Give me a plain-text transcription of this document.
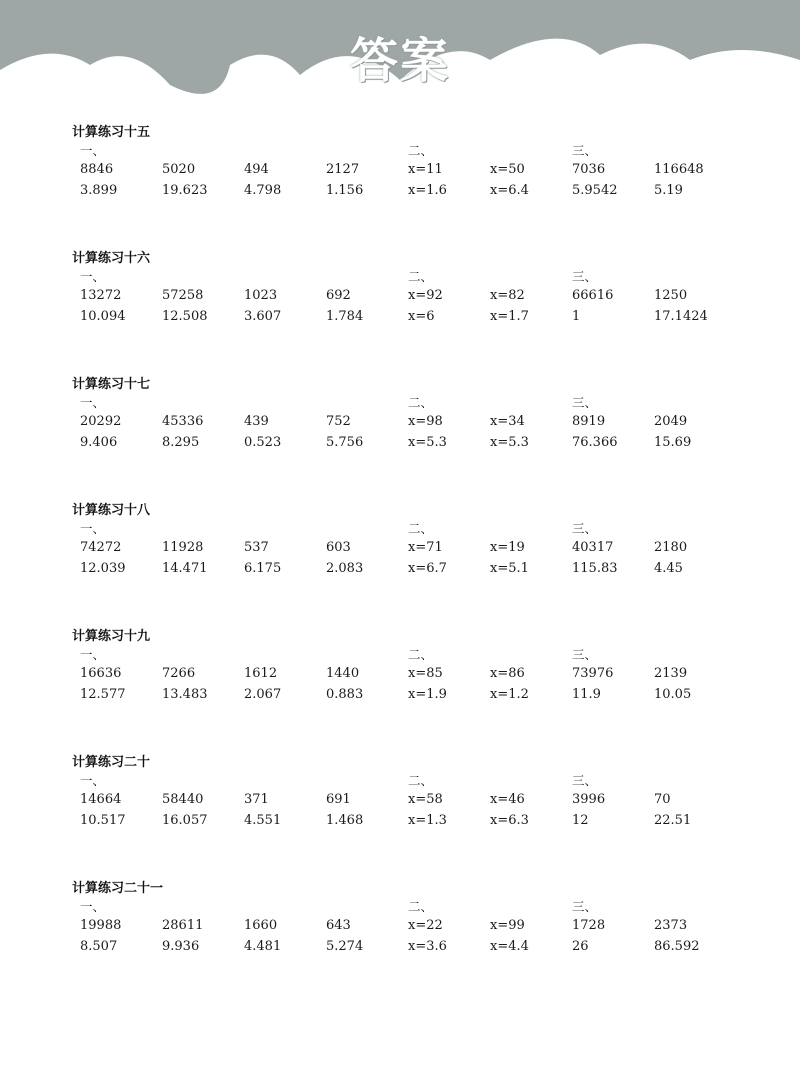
答案
计算练习十五
一、	二、	三、
8846	5020	494	2127	x=11	x=50	7036	116648
3.899	19.623	4.798	1.156	x=1.6	x=6.4	5.9542	5.19
计算练习十六
一、	二、	三、
13272	57258	1023	692	x=92	x=82	66616	1250
10.094	12.508	3.607	1.784	x=6	x=1.7	1	17.1424
计算练习十七
一、	二、	三、
20292	45336	439	752	x=98	x=34	8919	2049
9.406	8.295	0.523	5.756	x=5.3	x=5.3	76.366	15.69
计算练习十八
一、	二、	三、
74272	11928	537	603	x=71	x=19	40317	2180
12.039	14.471	6.175	2.083	x=6.7	x=5.1	115.83	4.45
计算练习十九
一、	二、	三、
16636	7266	1612	1440	x=85	x=86	73976	2139
12.577	13.483	2.067	0.883	x=1.9	x=1.2	11.9	10.05
计算练习二十
一、	二、	三、
14664	58440	371	691	x=58	x=46	3996	70
10.517	16.057	4.551	1.468	x=1.3	x=6.3	12	22.51
计算练习二十一
一、	二、	三、
19988	28611	1660	643	x=22	x=99	1728	2373
8.507	9.936	4.481	5.274	x=3.6	x=4.4	26	86.592
